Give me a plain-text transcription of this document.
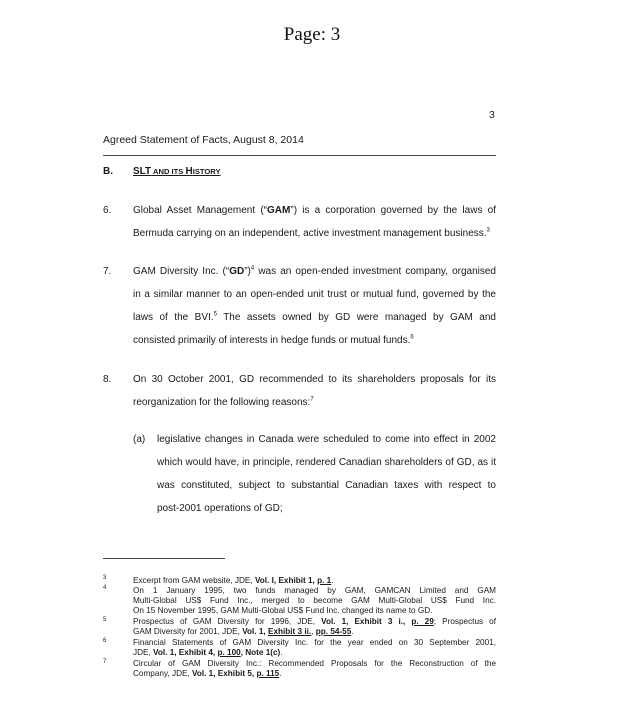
Page: 3
3
Agreed Statement of Facts, August 8, 2014
B. SLT AND ITS HISTORY
6. Global Asset Management (“GAM”) is a corporation governed by the laws of
Bermuda carrying on an independent, active investment management business.$^3$
7. GAM Diversity Inc. (“GD”)$^4$ was an open-ended investment company, organised
in a similar manner to an open-ended unit trust or mutual fund, governed by the
laws of the BVI.$^5$ The assets owned by GD were managed by GAM and
consisted primarily of interests in hedge funds or mutual funds.$^6$
8. On 30 October 2001, GD recommended to its shareholders proposals for its
reorganization for the following reasons:$^7$
(a) legislative changes in Canada were scheduled to come into effect in 2002
which would have, in principle, rendered Canadian shareholders of GD, as it
was constituted, subject to substantial Canadian taxes with respect to
post-2001 operations of GD;
3	Excerpt from GAM website, JDE, Vol. I, Exhibit 1, p. 1.
4	On 1 January 1995, two funds managed by GAM, GAMCAN Limited and GAM
Multi-Global US$ Fund Inc., merged to become GAM Multi-Global US$ Fund Inc.
On 15 November 1995, GAM Multi-Global US$ Fund Inc. changed its name to GD.
5	Prospectus of GAM Diversity for 1996, JDE, Vol. 1, Exhibit 3 i., p. 29; Prospectus of
GAM Diversity for 2001, JDE, Vol. 1, Exhibit 3 ii., pp. 54-55.
6	Financial Statements of GAM Diversity Inc. for the year ended on 30 September 2001,
JDE, Vol. 1, Exhibit 4, p. 100, Note 1(c).
7	Circular of GAM Diversity Inc.: Recommended Proposals for the Reconstruction of the
Company, JDE, Vol. 1, Exhibit 5, p. 115.
